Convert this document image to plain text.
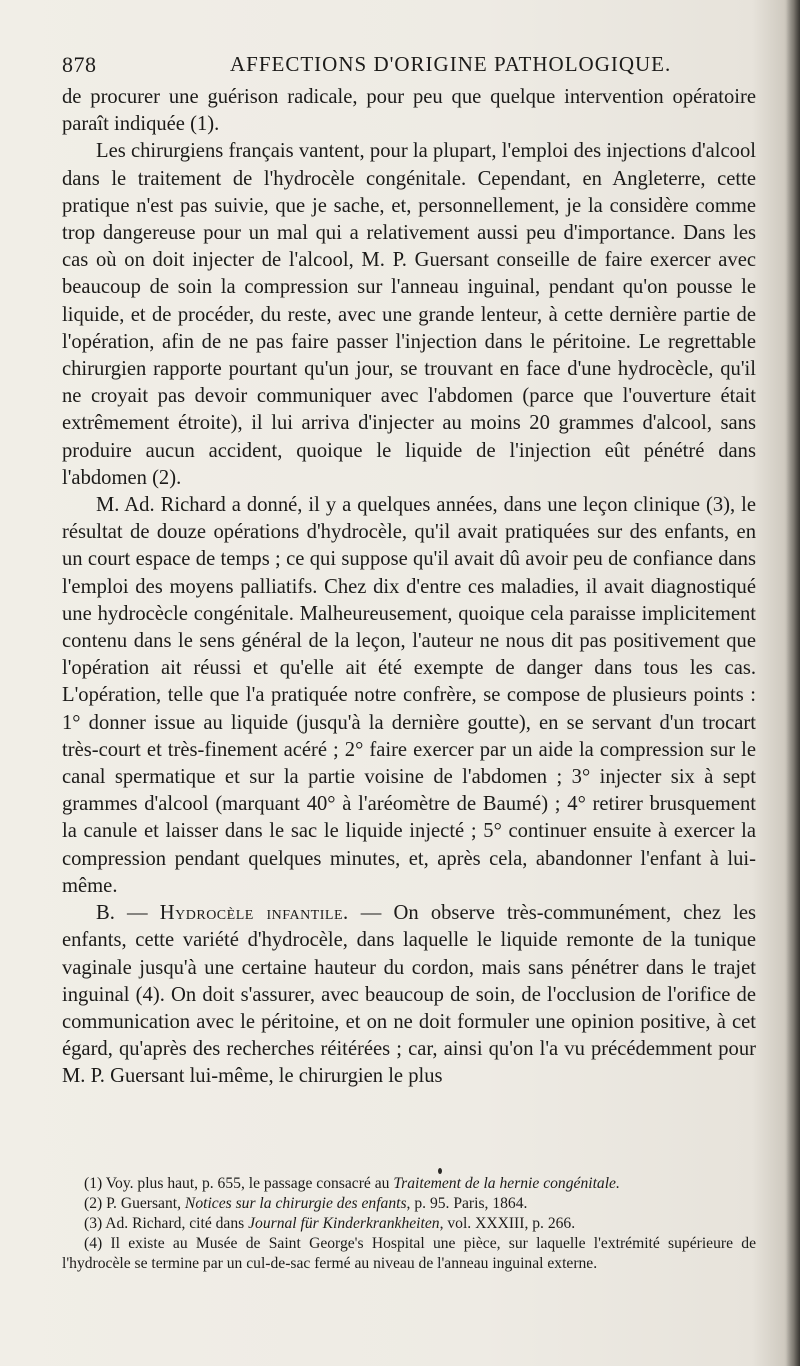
878	AFFECTIONS D'ORIGINE PATHOLOGIQUE.

de procurer une guérison radicale, pour peu que quelque intervention opératoire paraît indiquée (1).

Les chirurgiens français vantent, pour la plupart, l'emploi des injections d'alcool dans le traitement de l'hydrocèle congénitale. Cependant, en Angleterre, cette pratique n'est pas suivie, que je sache, et, personnellement, je la considère comme trop dangereuse pour un mal qui a relativement aussi peu d'importance. Dans les cas où on doit injecter de l'alcool, M. P. Guersant conseille de faire exercer avec beaucoup de soin la compression sur l'anneau inguinal, pendant qu'on pousse le liquide, et de procéder, du reste, avec une grande lenteur, à cette dernière partie de l'opération, afin de ne pas faire passer l'injection dans le péritoine. Le regrettable chirurgien rapporte pourtant qu'un jour, se trouvant en face d'une hydrocècle, qu'il ne croyait pas devoir communiquer avec l'abdomen (parce que l'ouverture était extrêmement étroite), il lui arriva d'injecter au moins 20 grammes d'alcool, sans produire aucun accident, quoique le liquide de l'injection eût pénétré dans l'abdomen (2).

M. Ad. Richard a donné, il y a quelques années, dans une leçon clinique (3), le résultat de douze opérations d'hydrocèle, qu'il avait pratiquées sur des enfants, en un court espace de temps ; ce qui suppose qu'il avait dû avoir peu de confiance dans l'emploi des moyens palliatifs. Chez dix d'entre ces maladies, il avait diagnostiqué une hydrocècle congénitale. Malheureusement, quoique cela paraisse implicitement contenu dans le sens général de la leçon, l'auteur ne nous dit pas positivement que l'opération ait réussi et qu'elle ait été exempte de danger dans tous les cas. L'opération, telle que l'a pratiquée notre confrère, se compose de plusieurs points : 1° donner issue au liquide (jusqu'à la dernière goutte), en se servant d'un trocart très-court et très-finement acéré ; 2° faire exercer par un aide la compression sur le canal spermatique et sur la partie voisine de l'abdomen ; 3° injecter six à sept grammes d'alcool (marquant 40° à l'aréomètre de Baumé) ; 4° retirer brusquement la canule et laisser dans le sac le liquide injecté ; 5° continuer ensuite à exercer la compression pendant quelques minutes, et, après cela, abandonner l'enfant à lui-même.

B. — Hydrocèle infantile. — On observe très-communément, chez les enfants, cette variété d'hydrocèle, dans laquelle le liquide remonte de la tunique vaginale jusqu'à une certaine hauteur du cordon, mais sans pénétrer dans le trajet inguinal (4). On doit s'assurer, avec beaucoup de soin, de l'occlusion de l'orifice de communication avec le péritoine, et on ne doit formuler une opinion positive, à cet égard, qu'après des recherches réitérées ; car, ainsi qu'on l'a vu précédemment pour M. P. Guersant lui-même, le chirurgien le plus

(1) Voy. plus haut, p. 655, le passage consacré au Traitement de la hernie congénitale.
(2) P. Guersant, Notices sur la chirurgie des enfants, p. 95. Paris, 1864.
(3) Ad. Richard, cité dans Journal für Kinderkrankheiten, vol. XXXIII, p. 266.
(4) Il existe au Musée de Saint George's Hospital une pièce, sur laquelle l'extrémité supérieure de l'hydrocèle se termine par un cul-de-sac fermé au niveau de l'anneau inguinal externe.
